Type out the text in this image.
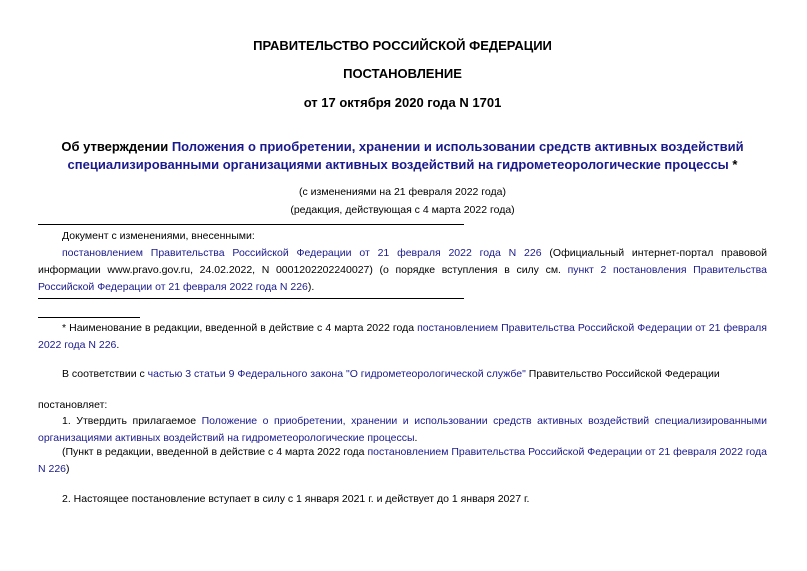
ПРАВИТЕЛЬСТВО РОССИЙСКОЙ ФЕДЕРАЦИИ
ПОСТАНОВЛЕНИЕ
от 17 октября 2020 года N 1701
Об утверждении Положения о приобретении, хранении и использовании средств активных воздействий специализированными организациями активных воздействий на гидрометеорологические процессы *
(с изменениями на 21 февраля 2022 года)
(редакция, действующая с 4 марта 2022 года)
Документ с изменениями, внесенными:
постановлением Правительства Российской Федерации от 21 февраля 2022 года N 226 (Официальный интернет-портал правовой информации www.pravo.gov.ru, 24.02.2022, N 0001202202240027) (о порядке вступления в силу см. пункт 2 постановления Правительства Российской Федерации от 21 февраля 2022 года N 226).
* Наименование в редакции, введенной в действие с 4 марта 2022 года постановлением Правительства Российской Федерации от 21 февраля 2022 года N 226.
В соответствии с частью 3 статьи 9 Федерального закона "О гидрометеорологической службе" Правительство Российской Федерации
постановляет:
1. Утвердить прилагаемое Положение о приобретении, хранении и использовании средств активных воздействий специализированными организациями активных воздействий на гидрометеорологические процессы.
(Пункт в редакции, введенной в действие с 4 марта 2022 года постановлением Правительства Российской Федерации от 21 февраля 2022 года N 226)
2. Настоящее постановление вступает в силу с 1 января 2021 г. и действует до 1 января 2027 г.
